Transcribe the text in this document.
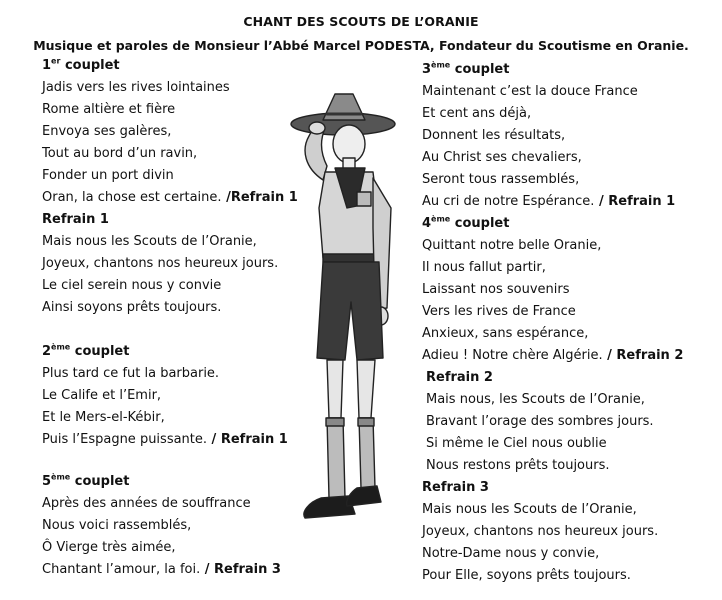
CHANT DES SCOUTS DE L’ORANIE
Musique et paroles de Monsieur l’Abbé Marcel PODESTA, Fondateur du Scoutisme en Oranie.
1er couplet
Jadis vers les rives lointaines
Rome altière et fière
Envoya ses galères,
Tout au bord d’un ravin,
Fonder un port divin
Oran, la chose est certaine. /Refrain 1
Refrain 1
Mais nous les Scouts de l’Oranie,
Joyeux, chantons nos heureux jours.
Le ciel serein nous y convie
Ainsi soyons prêts toujours.
2ème couplet
Plus tard ce fut la barbarie.
Le Calife et l’Emir,
Et le Mers-el-Kébir,
Puis l’Espagne puissante. / Refrain 1
5ème couplet
Après des années de souffrance
Nous voici rassemblés,
Ô Vierge très aimée,
Chantant l’amour, la foi. / Refrain 3
3ème couplet
Maintenant c’est la douce France
Et cent ans déjà,
Donnent les résultats,
Au Christ ses chevaliers,
Seront tous rassemblés,
Au cri de notre Espérance. / Refrain 1
4ème couplet
Quittant notre belle Oranie,
Il nous fallut partir,
Laissant nos souvenirs
Vers les rives de France
Anxieux, sans espérance,
Adieu ! Notre chère Algérie. / Refrain 2
Refrain 2
Mais nous, les Scouts de l’Oranie,
Bravant l’orage des sombres jours.
Si même le Ciel nous oublie
Nous restons prêts toujours.
Refrain 3
Mais nous les Scouts de l’Oranie,
Joyeux, chantons nos heureux jours.
Notre-Dame nous y convie,
Pour Elle, soyons prêts toujours.
